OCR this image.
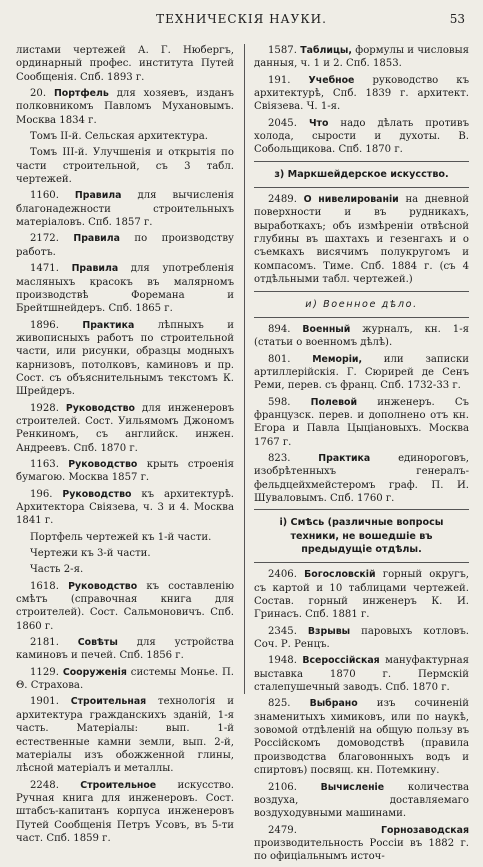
ТЕХНИЧЕСКІЯ НАУКИ.	53
листами чертежей А. Г. Нюбергъ, ординарный профес. института Путей Сообщенія. Спб. 1893 г.
20. Портфель для хозяевъ, изданъ полковникомъ Павломъ Мухановымъ. Москва 1834 г.
Томъ II-й. Сельская архитектура.
Томъ III-й. Улучшенія и открытія по части строительной, съ 3 табл. чертежей.
1160. Правила для вычисленія благонадежности строительныхъ матеріаловъ. Спб. 1857 г.
2172. Правила по производству работъ.
1471. Правила для употребленія масляныхъ красокъ въ малярномъ производствѣ Форемана и Брейтшнейдеръ. Спб. 1865 г.
1896. Практика лѣпныхъ и живописныхъ работъ по строительной части, или рисунки, образцы модныхъ карнизовъ, потолковъ, каминовъ и пр. Сост. съ объяснительнымъ текстомъ К. Шрейдеръ.
1928. Руководство для инженеровъ строителей. Сост. Уильямомъ Джономъ Ренкиномъ, съ английск. инжен. Андреевъ. Спб. 1870 г.
1163. Руководство крыть строенія бумагою. Москва 1857 г.
196. Руководство къ архитектурѣ. Архитектора Свіязева, ч. 3 и 4. Москва 1841 г.
Портфель чертежей къ 1-й части.
Чертежи къ 3-й части.
Часть 2-я.
1618. Руководство къ составленію смѣтъ (справочная книга для строителей). Сост. Сальмоновичъ. Спб. 1860 г.
2181. Совѣты для устройства каминовъ и печей. Спб. 1856 г.
1129. Сооруженія системы Монье. П. Θ. Страхова.
1901. Строительная технологія и архитектура гражданскихъ зданій, 1-я часть. Матеріалы: вып. 1-й естественные камни земли, вып. 2-й, матеріалы изъ обожженной глины, лѣсной матеріалъ и металлы.
2248. Строительное искусство. Ручная книга для инженеровъ. Сост. штабсъ-капитанъ корпуса инженеровъ Путей Сообщенія Петръ Усовъ, въ 5-ти част. Спб. 1859 г.
1587. Таблицы, формулы и числовыя данныя, ч. 1 и 2. Спб. 1853.
191. Учебное руководство къ архитектурѣ, Спб. 1839 г. архитект. Свіязева. Ч. 1-я.
2045. Что надо дѣлать противъ холода, сырости и духоты. В. Собольщикова. Спб. 1870 г.
з) Маркшейдерское искусство.
2489. О нивелированіи на дневной поверхности и въ рудникахъ, выработкахъ; объ измѣреніи отвѣсной глубины въ шахтахъ и гезенгахъ и о съемкахъ висячимъ полукругомъ и компасомъ. Тиме. Спб. 1884 г. (съ 4 отдѣльными табл. чертежей.)
и) Военное дѣло.
894. Военный журналъ, кн. 1-я (статьи о военномъ дѣлѣ).
801. Меморіи, или записки артиллерійскія. Г. Сюрирей де Сенъ Реми, перев. съ франц. Спб. 1732-33 г.
598. Полевой инженеръ. Съ французск. перев. и дополнено отъ кн. Егора и Павла Цыціановыхъ. Москва 1767 г.
823.	Практика	единороговъ, изобрѣтенныхъ генералъ-фельдцейхмейстеромъ граф. П. И. Шуваловымъ. Спб. 1760 г.
і) Смѣсь (различные вопросы техники, не вошедшіе въ предыдущіе отдѣлы.
2406. Богословскій горный округъ, съ картой и 10 таблицами чертежей. Состав. горный инженеръ К. И. Гринасъ. Спб. 1881 г.
2345. Взрывы паровыхъ котловъ. Соч. Р. Ренцъ.
1948. Всероссійская мануфактурная выставка 1870 г. Пермскій сталепушечный заводъ. Спб. 1870 г.
825. Выбрано изъ сочиненій знаменитыхъ химиковъ, или по наукѣ, зовомой отдѣленій на общую пользу въ Россійскомъ домоводствѣ (правила производства благовонныхъ водъ и спиртовъ) посвящ. кн. Потемкину.
2106.	Вычисленіе количества воздуха, доставляемаго воздуходувными машинами.
2479.	Горнозаводская производительность Россіи въ 1882 г. по офиціальнымъ источ-
